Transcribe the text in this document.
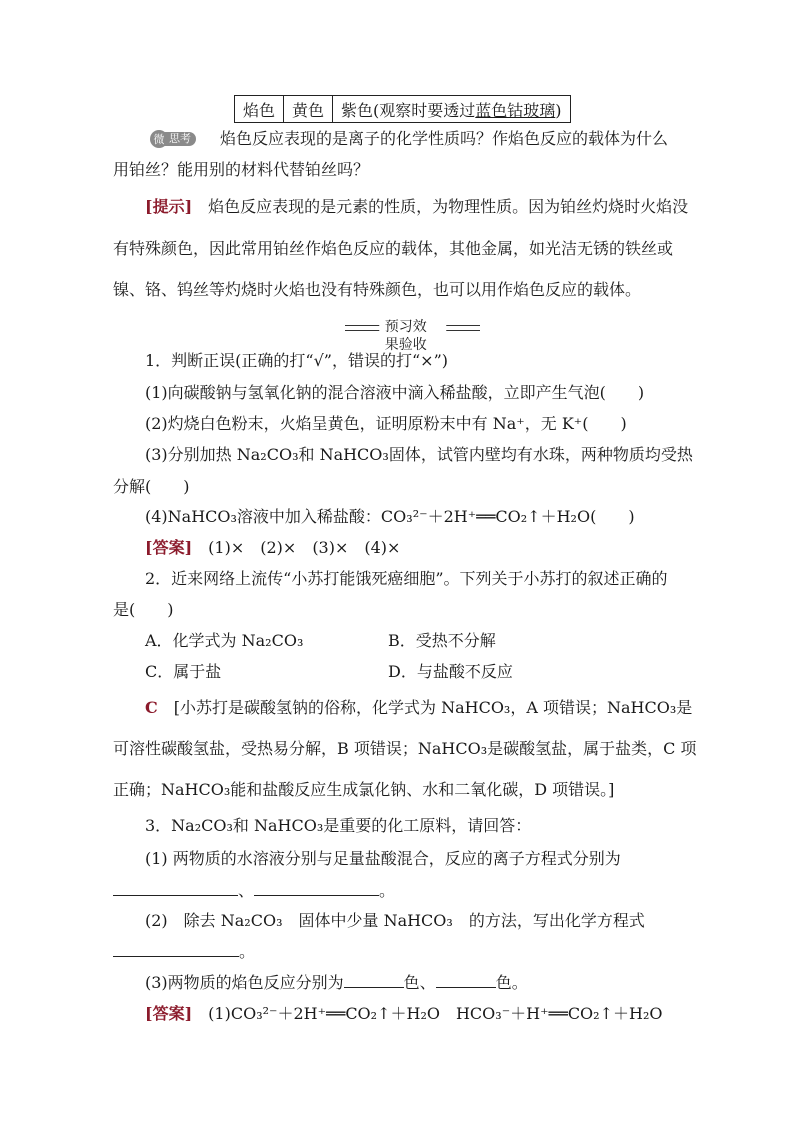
焰色	黄色	紫色(观察时要透过蓝色钴玻璃)
微 思考	焰色反应表现的是离子的化学性质吗？作焰色反应的载体为什么
用铂丝？能用别的材料代替铂丝吗？
[提示]　 焰色反应表现的是元素的性质，为物理性质。因为铂丝灼烧时火焰没
有特殊颜色，因此常用铂丝作焰色反应的载体，其他金属，如光洁无锈的铁丝或
镍、铬、钨丝等灼烧时火焰也没有特殊颜色，也可以用作焰色反应的载体。
预习效果验收
1．判断正误(正确的打“√”，错误的打“×”)
(1)向碳酸钠与氢氧化钠的混合溶液中滴入稀盐酸，立即产生气泡(　　)
(2)灼烧白色粉末，火焰呈黄色，证明原粉末中有 Na⁺，无 K⁺(　　)
(3)分别加热 Na₂CO₃和 NaHCO₃固体，试管内壁均有水珠，两种物质均受热
分解(　　)
(4)NaHCO₃溶液中加入稀盐酸：CO₃²⁻＋2H⁺══CO₂↑＋H₂O(　　)
[答案]　 (1)×　(2)×　(3)×　(4)×
2．近来网络上流传“小苏打能饿死癌细胞”。下列关于小苏打的叙述正确的
是(　　)
A．化学式为 Na₂CO₃	B．受热不分解
C．属于盐	D．与盐酸不反应
C　 [小苏打是碳酸氢钠的俗称，化学式为 NaHCO₃，A 项错误；NaHCO₃是
可溶性碳酸氢盐，受热易分解，B 项错误；NaHCO₃是碳酸氢盐，属于盐类，C 项
正确；NaHCO₃能和盐酸反应生成氯化钠、水和二氧化碳，D 项错误。]
3．Na₂CO₃和 NaHCO₃是重要的化工原料，请回答：
(1) 两物质的水溶液分别与足量盐酸混合，反应的离子方程式分别为
、	。
(2)　除去 Na₂CO₃　固体中少量 NaHCO₃　的方法，写出化学方程式
。
(3)两物质的焰色反应分别为	色、	色。
[答案]　 (1)CO₃²⁻＋2H⁺══CO₂↑＋H₂O　HCO₃⁻＋H⁺══CO₂↑＋H₂O
